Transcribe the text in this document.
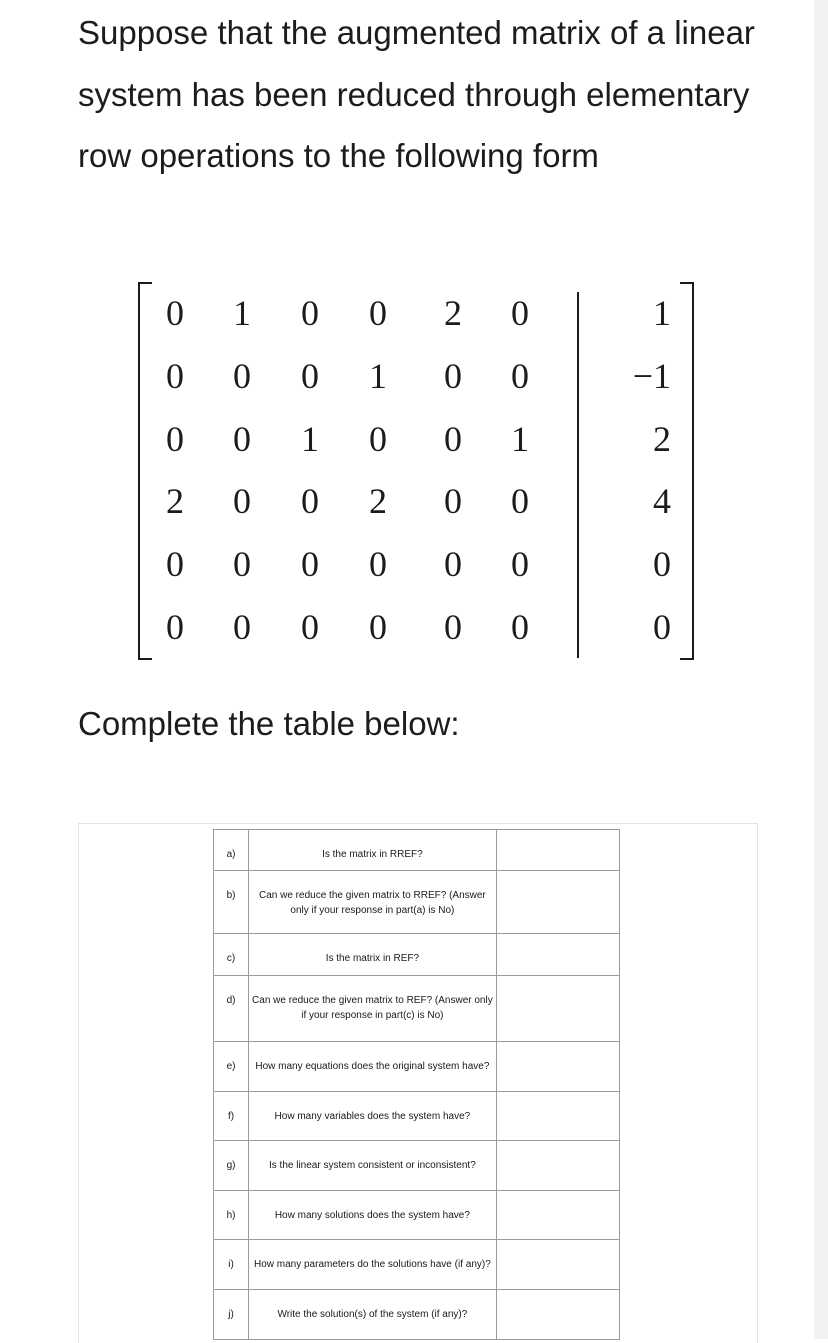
Suppose that the augmented matrix of a linear system has been reduced through elementary row operations to the following form

0	1	0	0	2	0	1
0	0	0	1	0	0	−1
0	0	1	0	0	1	2
2	0	0	2	0	0	4
0	0	0	0	0	0	0
0	0	0	0	0	0	0

Complete the table below:

a)	Is the matrix in RREF?	
b)	Can we reduce the given matrix to RREF? (Answer only if your response in part(a) is No)	
c)	Is the matrix in REF?	
d)	Can we reduce the given matrix to REF? (Answer only if your response in part(c) is No)	
e)	How many equations does the original system have?	
f)	How many variables does the system have?	
g)	Is the linear system consistent or inconsistent?	
h)	How many solutions does the system have?	
i)	How many parameters do the solutions have (if any)?	
j)	Write the solution(s) of the system (if any)?	
